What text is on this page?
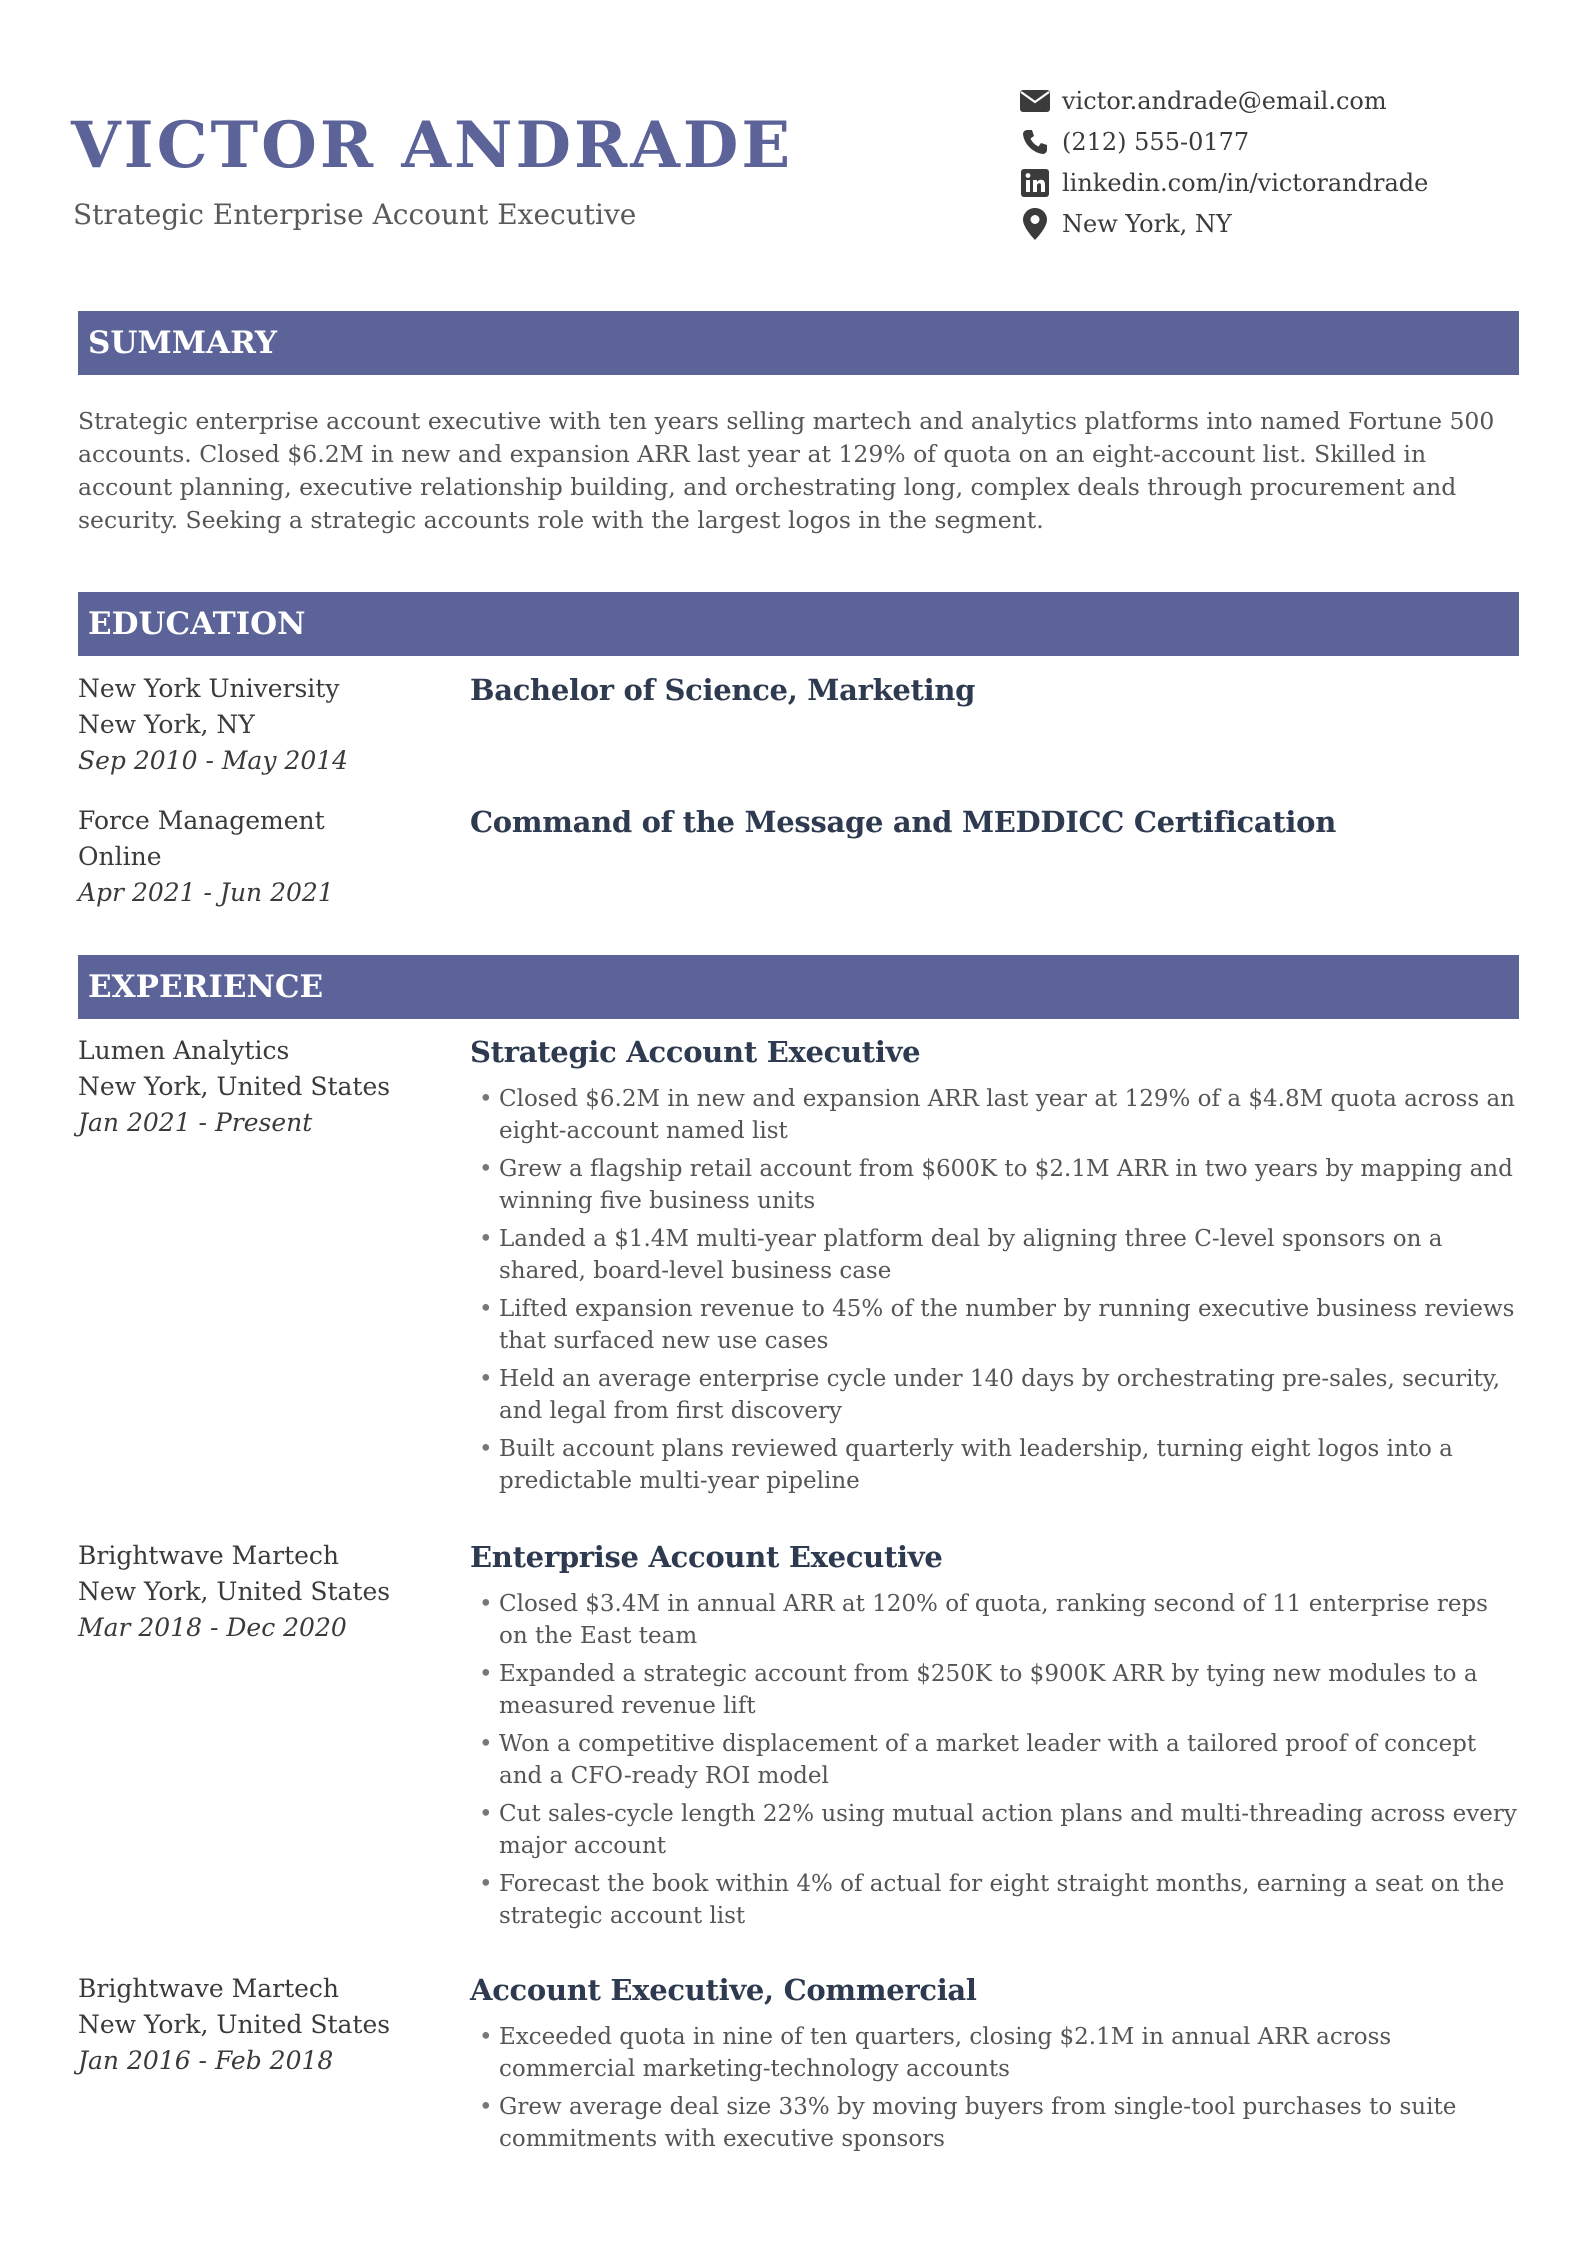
VICTOR ANDRADE

Strategic Enterprise Account Executive

victor.andrade@email.com
(212) 555-0177
linkedin.com/in/victorandrade
New York, NY
SUMMARY

Strategic enterprise account executive with ten years selling martech and analytics platforms into named Fortune 500 accounts. Closed $6.2M in new and expansion ARR last year at 129% of quota on an eight-account list. Skilled in account planning, executive relationship building, and orchestrating long, complex deals through procurement and security. Seeking a strategic accounts role with the largest logos in the segment.

EDUCATION
New York University
New York, NY
Sep 2010 - May 2014
Bachelor of Science, Marketing
Force Management
Online
Apr 2021 - Jun 2021
Command of the Message and MEDDICC Certification
EXPERIENCE
Lumen Analytics
New York, United States
Jan 2021 - Present
Strategic Account Executive
• Closed $6.2M in new and expansion ARR last year at 129% of a $4.8M quota across an eight-account named list
• Grew a flagship retail account from $600K to $2.1M ARR in two years by mapping and winning five business units
• Landed a $1.4M multi-year platform deal by aligning three C-level sponsors on a shared, board-level business case
• Lifted expansion revenue to 45% of the number by running executive business reviews that surfaced new use cases
• Held an average enterprise cycle under 140 days by orchestrating pre-sales, security, and legal from first discovery
• Built account plans reviewed quarterly with leadership, turning eight logos into a predictable multi-year pipeline
Brightwave Martech
New York, United States
Mar 2018 - Dec 2020
Enterprise Account Executive
• Closed $3.4M in annual ARR at 120% of quota, ranking second of 11 enterprise reps on the East team
• Expanded a strategic account from $250K to $900K ARR by tying new modules to a measured revenue lift
• Won a competitive displacement of a market leader with a tailored proof of concept and a CFO-ready ROI model
• Cut sales-cycle length 22% using mutual action plans and multi-threading across every major account
• Forecast the book within 4% of actual for eight straight months, earning a seat on the strategic account list
Brightwave Martech
New York, United States
Jan 2016 - Feb 2018
Account Executive, Commercial
• Exceeded quota in nine of ten quarters, closing $2.1M in annual ARR across commercial marketing-technology accounts
• Grew average deal size 33% by moving buyers from single-tool purchases to suite commitments with executive sponsors
